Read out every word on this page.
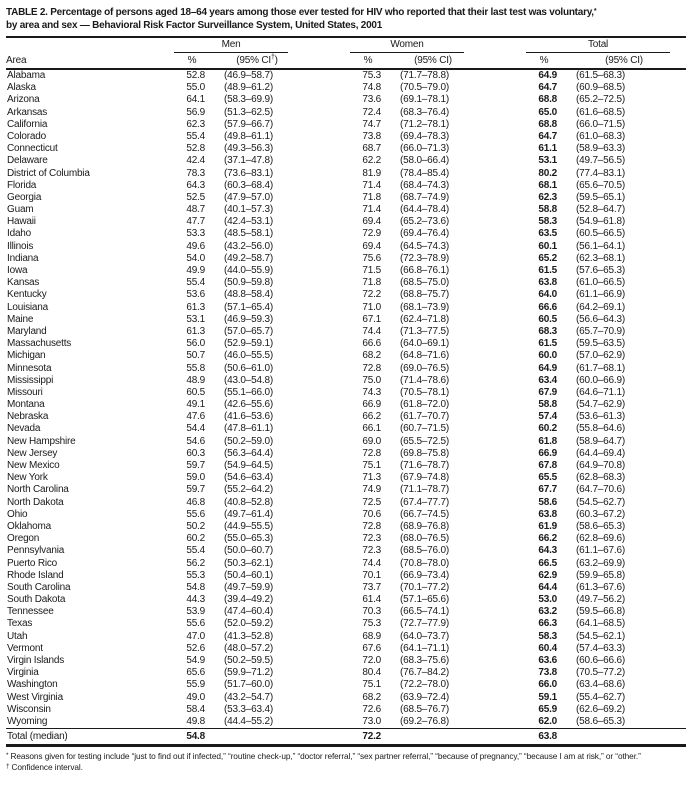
TABLE 2. Percentage of persons aged 18–64 years among those ever tested for HIV who reported that their last test was voluntary,*
by area and sex — Behavioral Risk Factor Surveillance System, United States, 2001

	Men			Women			Total	

Area	%	(95% CI†)		%	(95% CI)		%	(95% CI)
Alabama	52.8	(46.9–58.7)		75.3	(71.7–78.8)		64.9	(61.5–68.3)
Alaska	55.0	(48.9–61.2)		74.8	(70.5–79.0)		64.7	(60.9–68.5)
Arizona	64.1	(58.3–69.9)		73.6	(69.1–78.1)		68.8	(65.2–72.5)
Arkansas	56.9	(51.3–62.5)		72.4	(68.3–76.4)		65.0	(61.6–68.5)
California	62.3	(57.9–66.7)		74.7	(71.2–78.1)		68.8	(66.0–71.5)
Colorado	55.4	(49.8–61.1)		73.8	(69.4–78.3)		64.7	(61.0–68.3)
Connecticut	52.8	(49.3–56.3)		68.7	(66.0–71.3)		61.1	(58.9–63.3)
Delaware	42.4	(37.1–47.8)		62.2	(58.0–66.4)		53.1	(49.7–56.5)
District of Columbia	78.3	(73.6–83.1)		81.9	(78.4–85.4)		80.2	(77.4–83.1)
Florida	64.3	(60.3–68.4)		71.4	(68.4–74.3)		68.1	(65.6–70.5)
Georgia	52.5	(47.9–57.0)		71.8	(68.7–74.9)		62.3	(59.5–65.1)
Guam	48.7	(40.1–57.3)		71.4	(64.4–78.4)		58.8	(52.8–64.7)
Hawaii	47.7	(42.4–53.1)		69.4	(65.2–73.6)		58.3	(54.9–61.8)
Idaho	53.3	(48.5–58.1)		72.9	(69.4–76.4)		63.5	(60.5–66.5)
Illinois	49.6	(43.2–56.0)		69.4	(64.5–74.3)		60.1	(56.1–64.1)
Indiana	54.0	(49.2–58.7)		75.6	(72.3–78.9)		65.2	(62.3–68.1)
Iowa	49.9	(44.0–55.9)		71.5	(66.8–76.1)		61.5	(57.6–65.3)
Kansas	55.4	(50.9–59.8)		71.8	(68.5–75.0)		63.8	(61.0–66.5)
Kentucky	53.6	(48.8–58.4)		72.2	(68.8–75.7)		64.0	(61.1–66.9)
Louisiana	61.3	(57.1–65.4)		71.0	(68.1–73.9)		66.6	(64.2–69.1)
Maine	53.1	(46.9–59.3)		67.1	(62.4–71.8)		60.5	(56.6–64.3)
Maryland	61.3	(57.0–65.7)		74.4	(71.3–77.5)		68.3	(65.7–70.9)
Massachusetts	56.0	(52.9–59.1)		66.6	(64.0–69.1)		61.5	(59.5–63.5)
Michigan	50.7	(46.0–55.5)		68.2	(64.8–71.6)		60.0	(57.0–62.9)
Minnesota	55.8	(50.6–61.0)		72.8	(69.0–76.5)		64.9	(61.7–68.1)
Mississippi	48.9	(43.0–54.8)		75.0	(71.4–78.6)		63.4	(60.0–66.9)
Missouri	60.5	(55.1–66.0)		74.3	(70.5–78.1)		67.9	(64.6–71.1)
Montana	49.1	(42.6–55.6)		66.9	(61.8–72.0)		58.8	(54.7–62.9)
Nebraska	47.6	(41.6–53.6)		66.2	(61.7–70.7)		57.4	(53.6–61.3)
Nevada	54.4	(47.8–61.1)		66.1	(60.7–71.5)		60.2	(55.8–64.6)
New Hampshire	54.6	(50.2–59.0)		69.0	(65.5–72.5)		61.8	(58.9–64.7)
New Jersey	60.3	(56.3–64.4)		72.8	(69.8–75.8)		66.9	(64.4–69.4)
New Mexico	59.7	(54.9–64.5)		75.1	(71.6–78.7)		67.8	(64.9–70.8)
New York	59.0	(54.6–63.4)		71.3	(67.9–74.8)		65.5	(62.8–68.3)
North Carolina	59.7	(55.2–64.2)		74.9	(71.1–78.7)		67.7	(64.7–70.6)
North Dakota	46.8	(40.8–52.8)		72.5	(67.4–77.7)		58.6	(54.5–62.7)
Ohio	55.6	(49.7–61.4)		70.6	(66.7–74.5)		63.8	(60.3–67.2)
Oklahoma	50.2	(44.9–55.5)		72.8	(68.9–76.8)		61.9	(58.6–65.3)
Oregon	60.2	(55.0–65.3)		72.3	(68.0–76.5)		66.2	(62.8–69.6)
Pennsylvania	55.4	(50.0–60.7)		72.3	(68.5–76.0)		64.3	(61.1–67.6)
Puerto Rico	56.2	(50.3–62.1)		74.4	(70.8–78.0)		66.5	(63.2–69.9)
Rhode Island	55.3	(50.4–60.1)		70.1	(66.9–73.4)		62.9	(59.9–65.8)
South Carolina	54.8	(49.7–59.9)		73.7	(70.1–77.2)		64.4	(61.3–67.6)
South Dakota	44.3	(39.4–49.2)		61.4	(57.1–65.6)		53.0	(49.7–56.2)
Tennessee	53.9	(47.4–60.4)		70.3	(66.5–74.1)		63.2	(59.5–66.8)
Texas	55.6	(52.0–59.2)		75.3	(72.7–77.9)		66.3	(64.1–68.5)
Utah	47.0	(41.3–52.8)		68.9	(64.0–73.7)		58.3	(54.5–62.1)
Vermont	52.6	(48.0–57.2)		67.6	(64.1–71.1)		60.4	(57.4–63.3)
Virgin Islands	54.9	(50.2–59.5)		72.0	(68.3–75.6)		63.6	(60.6–66.6)
Virginia	65.6	(59.9–71.2)		80.4	(76.7–84.2)		73.8	(70.5–77.2)
Washington	55.9	(51.7–60.0)		75.1	(72.2–78.0)		66.0	(63.4–68.6)
West Virginia	49.0	(43.2–54.7)		68.2	(63.9–72.4)		59.1	(55.4–62.7)
Wisconsin	58.4	(53.3–63.4)		72.6	(68.5–76.7)		65.9	(62.6–69.2)
Wyoming	49.8	(44.4–55.2)		73.0	(69.2–76.8)		62.0	(58.6–65.3)
Total (median)	54.8			72.2			63.8	

* Reasons given for testing include “just to find out if infected,” “routine check-up,” “doctor referral,” “sex partner referral,” “because of pregnancy,” “because I am at risk,” or “other.”

† Confidence interval.
